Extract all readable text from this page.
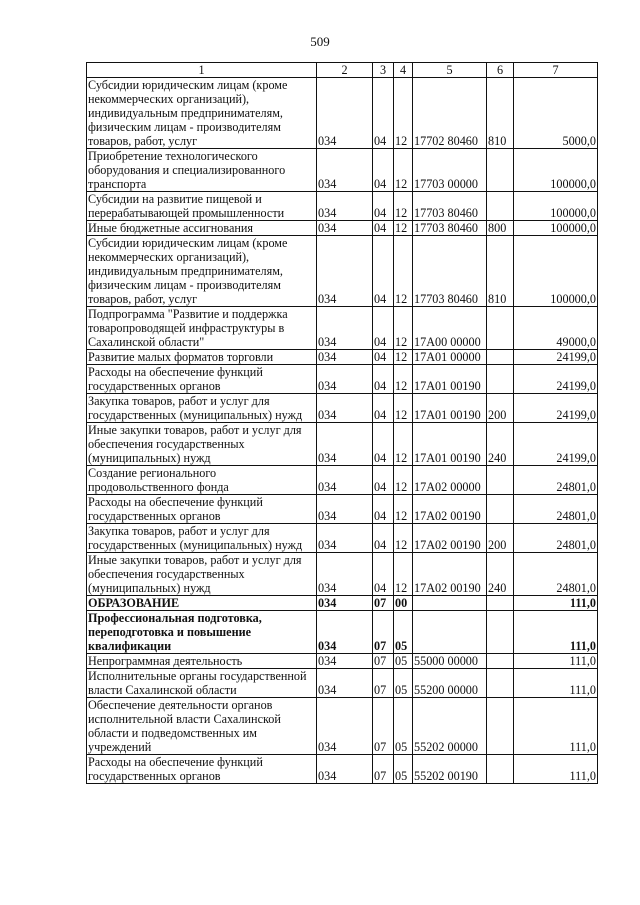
509
1	2	3	4	5	6	7
Субсидии юридическим лицам (кроме некоммерческих организаций), индивидуальным предпринимателям, физическим лицам - производителям товаров, работ, услуг	034	04	12	17702 80460	810	5000,0
Приобретение технологического оборудования и специализированного транспорта	034	04	12	17703 00000		100000,0
Субсидии на развитие пищевой и перерабатывающей промышленности	034	04	12	17703 80460		100000,0
Иные бюджетные ассигнования	034	04	12	17703 80460	800	100000,0
Субсидии юридическим лицам (кроме некоммерческих организаций), индивидуальным предпринимателям, физическим лицам - производителям товаров, работ, услуг	034	04	12	17703 80460	810	100000,0
Подпрограмма "Развитие и поддержка товаропроводящей инфраструктуры в Сахалинской области"	034	04	12	17А00 00000		49000,0
Развитие малых форматов торговли	034	04	12	17А01 00000		24199,0
Расходы на обеспечение функций государственных органов	034	04	12	17А01 00190		24199,0
Закупка товаров, работ и услуг для государственных (муниципальных) нужд	034	04	12	17А01 00190	200	24199,0
Иные закупки товаров, работ и услуг для обеспечения государственных (муниципальных) нужд	034	04	12	17А01 00190	240	24199,0
Создание регионального продовольственного фонда	034	04	12	17А02 00000		24801,0
Расходы на обеспечение функций государственных органов	034	04	12	17А02 00190		24801,0
Закупка товаров, работ и услуг для государственных (муниципальных) нужд	034	04	12	17А02 00190	200	24801,0
Иные закупки товаров, работ и услуг для обеспечения государственных (муниципальных) нужд	034	04	12	17А02 00190	240	24801,0
ОБРАЗОВАНИЕ	034	07	00			111,0
Профессиональная подготовка, переподготовка и повышение квалификации	034	07	05			111,0
Непрограммная деятельность	034	07	05	55000 00000		111,0
Исполнительные органы государственной власти Сахалинской области	034	07	05	55200 00000		111,0
Обеспечение деятельности органов исполнительной власти Сахалинской области и подведомственных им учреждений	034	07	05	55202 00000		111,0
Расходы на обеспечение функций государственных органов	034	07	05	55202 00190		111,0
